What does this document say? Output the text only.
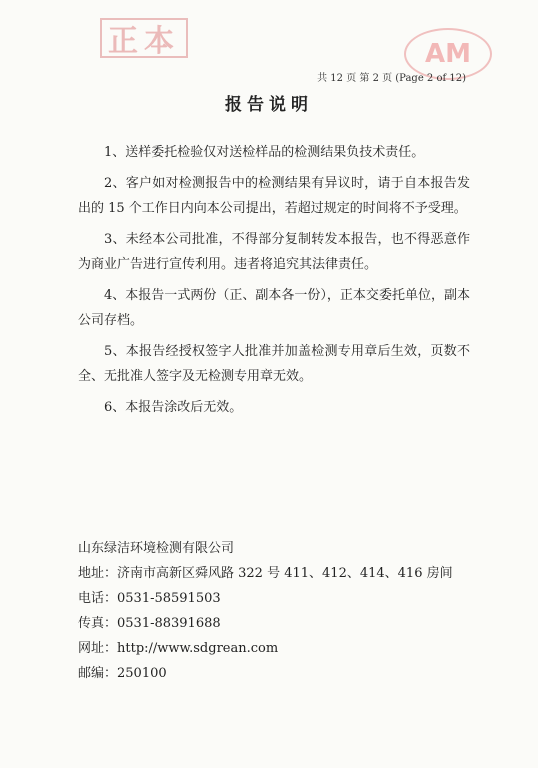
正本	AM
共 12 页 第 2 页 (Page 2 of 12)
报告说明

1、送样委托检验仅对送检样品的检测结果负技术责任。

2、客户如对检测报告中的检测结果有异议时，请于自本报告发出的 15 个工作日内向本公司提出，若超过规定的时间将不予受理。

3、未经本公司批准，不得部分复制转发本报告，也不得恶意作为商业广告进行宣传利用。违者将追究其法律责任。

4、本报告一式两份（正、副本各一份），正本交委托单位，副本公司存档。

5、本报告经授权签字人批准并加盖检测专用章后生效，页数不全、无批准人签字及无检测专用章无效。

6、本报告涂改后无效。

山东绿洁环境检测有限公司
地址：济南市高新区舜风路 322 号 411、412、414、416 房间
电话：0531-58591503
传真：0531-88391688
网址：http://www.sdgrean.com
邮编：250100
